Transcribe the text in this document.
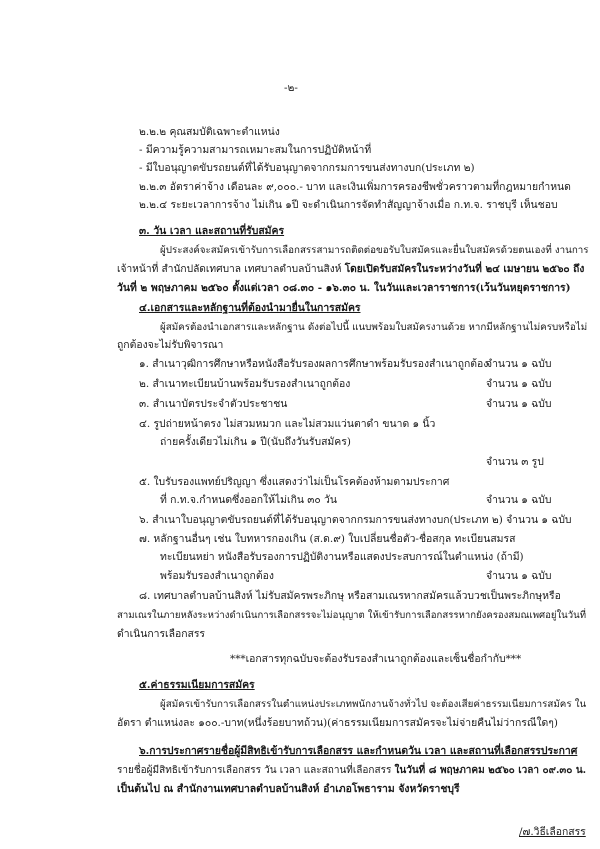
-๒-
๒.๒.๒ คุณสมบัติเฉพาะตำแหน่ง
- มีความรู้ความสามารถเหมาะสมในการปฏิบัติหน้าที่
- มีใบอนุญาตขับรถยนต์ที่ได้รับอนุญาตจากกรมการขนส่งทางบก(ประเภท ๒)
๒.๒.๓ อัตราค่าจ้าง เดือนละ ๙,๐๐๐.- บาท และเงินเพิ่มการครองชีพชั่วคราวตามที่กฎหมายกำหนด
๒.๒.๔ ระยะเวลาการจ้าง ไม่เกิน ๑ปี จะดำเนินการจัดทำสัญญาจ้างเมื่อ ก.ท.จ. ราชบุรี เห็นชอบ
๓. วัน เวลา และสถานที่รับสมัคร
ผู้ประสงค์จะสมัครเข้ารับการเลือกสรรสามารถติดต่อขอรับใบสมัครและยื่นใบสมัครด้วยตนเองที่ งานการ
เจ้าหน้าที่ สำนักปลัดเทศบาล เทศบาลตำบลบ้านสิงห์ โดยเปิดรับสมัครในระหว่างวันที่ ๒๔ เมษายน ๒๕๖๐ ถึง
วันที่ ๒ พฤษภาคม ๒๕๖๐ ตั้งแต่เวลา ๐๘.๓๐ - ๑๖.๓๐ น. ในวันและเวลาราชการ(เว้นวันหยุดราชการ)
๔.เอกสารและหลักฐานที่ต้องนำมายื่นในการสมัคร
ผู้สมัครต้องนำเอกสารและหลักฐาน ดังต่อไปนี้ แนบพร้อมใบสมัครงานด้วย หากมีหลักฐานไม่ครบหรือไม่
ถูกต้องจะไม่รับพิจารณา
๑. สำเนาวุฒิการศึกษาหรือหนังสือรับรองผลการศึกษาพร้อมรับรองสำเนาถูกต้อง
จำนวน ๑ ฉบับ
๒. สำเนาทะเบียนบ้านพร้อมรับรองสำเนาถูกต้อง	จำนวน ๑ ฉบับ
๓. สำเนาบัตรประจำตัวประชาชน	จำนวน ๑ ฉบับ
๔. รูปถ่ายหน้าตรง ไม่สวมหมวก และไม่สวมแว่นตาดำ ขนาด ๑ นิ้ว
ถ่ายครั้งเดียวไม่เกิน ๑ ปี(นับถึงวันรับสมัคร)
จำนวน ๓ รูป
๕. ใบรับรองแพทย์ปริญญา ซึ่งแสดงว่าไม่เป็นโรคต้องห้ามตามประกาศ
ที่ ก.ท.จ.กำหนดซึ่งออกให้ไม่เกิน ๓๐ วัน	จำนวน ๑ ฉบับ
๖. สำเนาใบอนุญาตขับรถยนต์ที่ได้รับอนุญาตจากกรมการขนส่งทางบก(ประเภท ๒) จำนวน ๑ ฉบับ
๗. หลักฐานอื่นๆ เช่น ใบทหารกองเกิน (ส.ด.๙) ใบเปลี่ยนชื่อตัว-ชื่อสกุล ทะเบียนสมรส
ทะเบียนหย่า หนังสือรับรองการปฏิบัติงานหรือแสดงประสบการณ์ในตำแหน่ง (ถ้ามี)
พร้อมรับรองสำเนาถูกต้อง	จำนวน ๑ ฉบับ
๘. เทศบาลตำบลบ้านสิงห์ ไม่รับสมัครพระภิกษุ หรือสามเณรหากสมัครแล้วบวชเป็นพระภิกษุหรือ
สามเณรในภายหลังระหว่างดำเนินการเลือกสรรจะไม่อนุญาต ให้เข้ารับการเลือกสรรหากยังครองสมณเพศอยู่ในวันที่
ดำเนินการเลือกสรร
***เอกสารทุกฉบับจะต้องรับรองสำเนาถูกต้องและเซ็นชื่อกำกับ***
๕.ค่าธรรมเนียมการสมัคร
ผู้สมัครเข้ารับการเลือกสรรในตำแหน่งประเภทพนักงานจ้างทั่วไป จะต้องเสียค่าธรรมเนียมการสมัคร ใน
อัตรา ตำแหน่งละ ๑๐๐.-บาท(หนึ่งร้อยบาทถ้วน)(ค่าธรรมเนียมการสมัครจะไม่จ่ายคืนไม่ว่ากรณีใดๆ)
๖.การประกาศรายชื่อผู้มีสิทธิเข้ารับการเลือกสรร และกำหนดวัน เวลา และสถานที่เลือกสรรประกาศ
รายชื่อผู้มีสิทธิเข้ารับการเลือกสรร วัน เวลา และสถานที่เลือกสรร ในวันที่ ๘ พฤษภาคม ๒๕๖๐ เวลา ๐๙.๓๐ น.
เป็นต้นไป ณ สำนักงานเทศบาลตำบลบ้านสิงห์ อำเภอโพธาราม จังหวัดราชบุรี
/๗.วิธีเลือกสรร
